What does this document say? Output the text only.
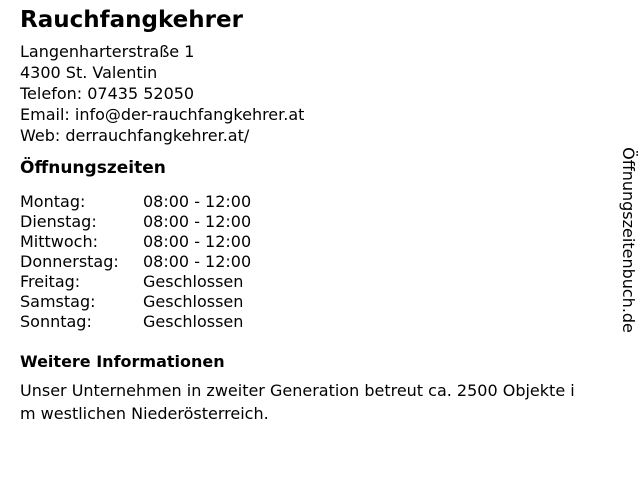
Rauchfangkehrer
Langenharterstraße 1
4300 St. Valentin
Telefon: 07435 52050
Email: info@der-rauchfangkehrer.at
Web: derrauchfangkehrer.at/
Öffnungszeiten
Montag:	08:00 - 12:00
Dienstag:	08:00 - 12:00
Mittwoch:	08:00 - 12:00
Donnerstag: 08:00 - 12:00
Freitag:	Geschlossen
Samstag:	Geschlossen
Sonntag:	Geschlossen
Weitere Informationen

Unser Unternehmen in zweiter Generation betreut ca. 2500 Objekte i
m westlichen Niederösterreich.

Öffnungszeitenbuch.de
